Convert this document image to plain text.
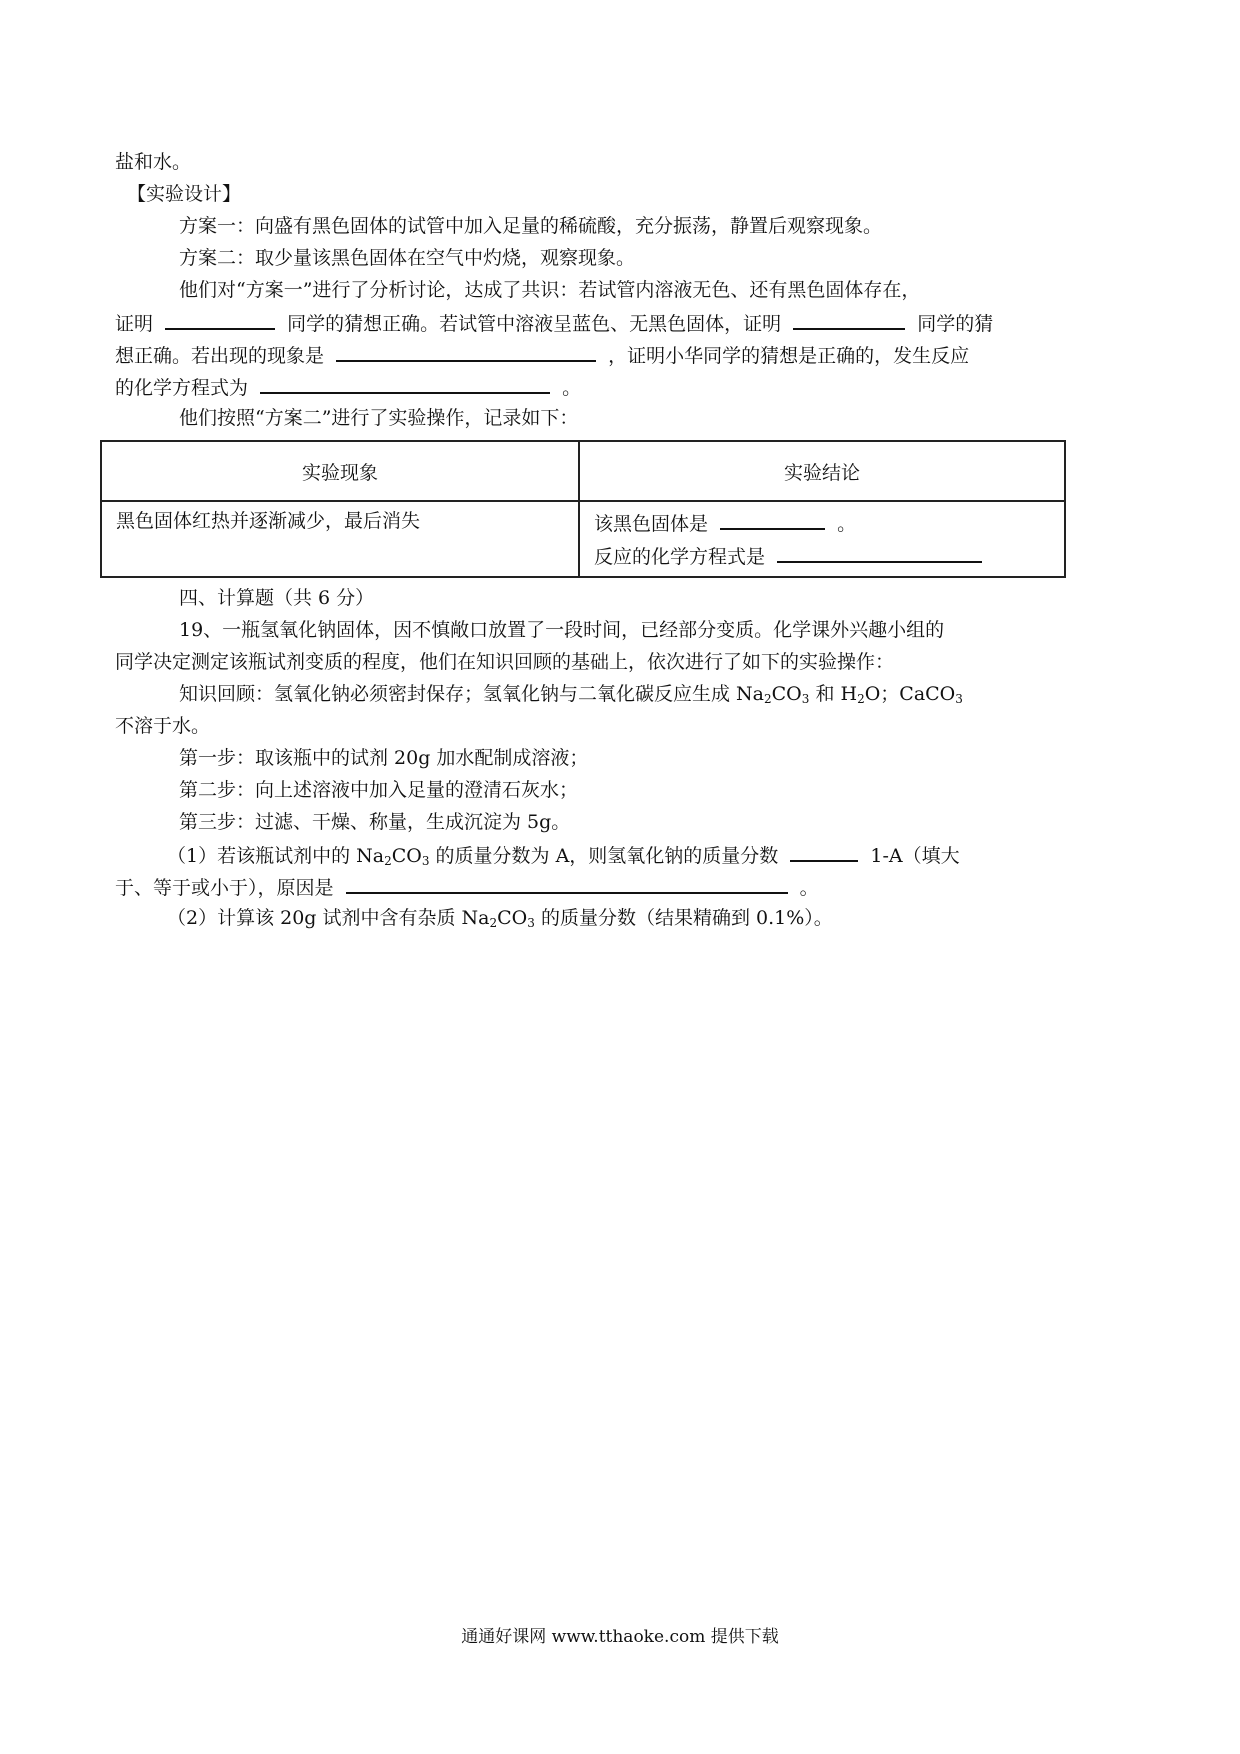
盐和水。
【实验设计】
方案一：向盛有黑色固体的试管中加入足量的稀硫酸，充分振荡，静置后观察现象。
方案二：取少量该黑色固体在空气中灼烧，观察现象。
他们对“方案一”进行了分析讨论，达成了共识：若试管内溶液无色、还有黑色固体存在，
证明	同学的猜想正确。若试管中溶液呈蓝色、无黑色固体，证明	同学的猜
想正确。若出现的现象是	，证明小华同学的猜想是正确的，发生反应
的化学方程式为	。
他们按照“方案二”进行了实验操作，记录如下：
实验现象	实验结论
黑色固体红热并逐渐减少，最后消失	该黑色固体是 。
反应的化学方程式是
四、计算题（共 6 分）
19、一瓶氢氧化钠固体，因不慎敞口放置了一段时间，已经部分变质。化学课外兴趣小组的
同学决定测定该瓶试剂变质的程度，他们在知识回顾的基础上，依次进行了如下的实验操作：
知识回顾：氢氧化钠必须密封保存；氢氧化钠与二氧化碳反应生成 $Na_2CO_3$ 和 $H_2O$；CaCO$_3$
不溶于水。
第一步：取该瓶中的试剂 20g 加水配制成溶液；
第二步：向上述溶液中加入足量的澄清石灰水；
第三步：过滤、干燥、称量，生成沉淀为 5g。
（1）若该瓶试剂中的 $Na_2CO_3$ 的质量分数为 A，则氢氧化钠的质量分数	1-A（填大
于、等于或小于），原因是	。
（2）计算该 20g 试剂中含有杂质 $Na_2CO_3$ 的质量分数（结果精确到 0.1%）。
通通好课网 www.tthaoke.com 提供下载
